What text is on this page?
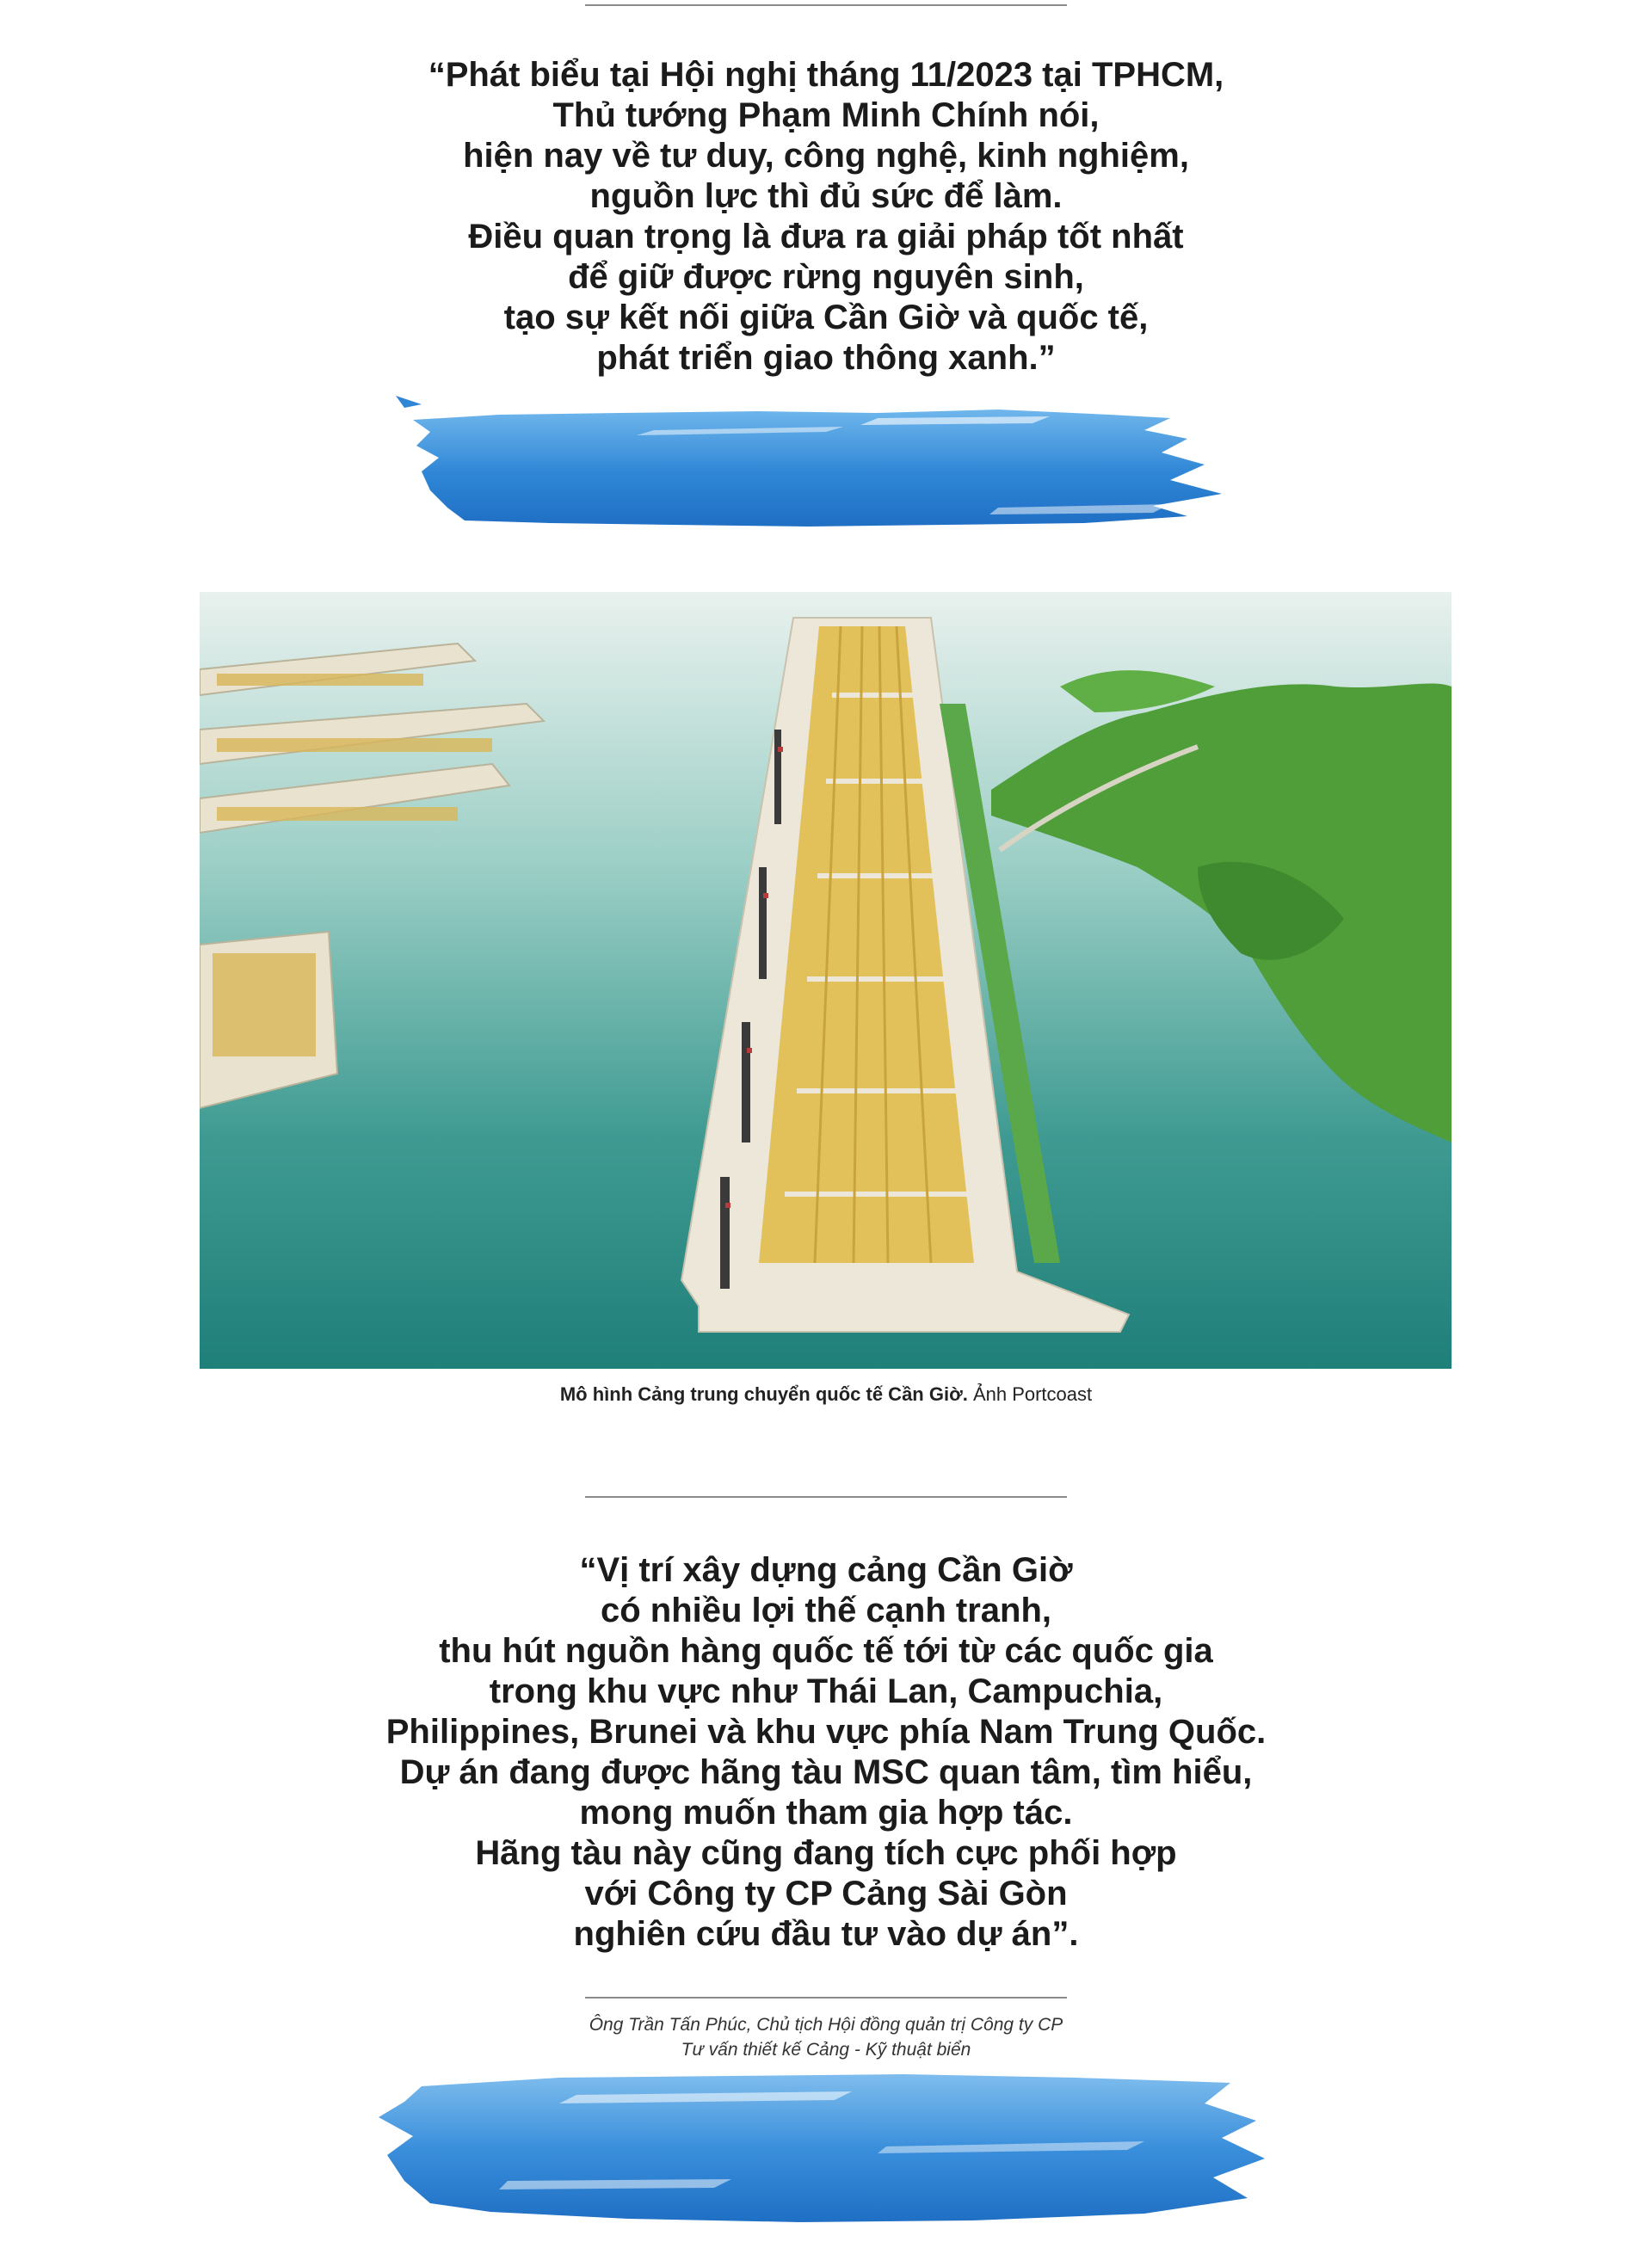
“Phát biểu tại Hội nghị tháng 11/2023 tại TPHCM,
Thủ tướng Phạm Minh Chính nói,
hiện nay về tư duy, công nghệ, kinh nghiệm,
nguồn lực thì đủ sức để làm.
Điều quan trọng là đưa ra giải pháp tốt nhất
để giữ được rừng nguyên sinh,
tạo sự kết nối giữa Cần Giờ và quốc tế,
phát triển giao thông xanh.”

Mô hình Cảng trung chuyển quốc tế Cần Giờ. Ảnh Portcoast

“Vị trí xây dựng cảng Cần Giờ
có nhiều lợi thế cạnh tranh,
thu hút nguồn hàng quốc tế tới từ các quốc gia
trong khu vực như Thái Lan, Campuchia,
Philippines, Brunei và khu vực phía Nam Trung Quốc.
Dự án đang được hãng tàu MSC quan tâm, tìm hiểu,
mong muốn tham gia hợp tác.
Hãng tàu này cũng đang tích cực phối hợp
với Công ty CP Cảng Sài Gòn
nghiên cứu đầu tư vào dự án”.

Ông Trần Tấn Phúc, Chủ tịch Hội đồng quản trị Công ty CP
Tư vấn thiết kế Cảng - Kỹ thuật biển
